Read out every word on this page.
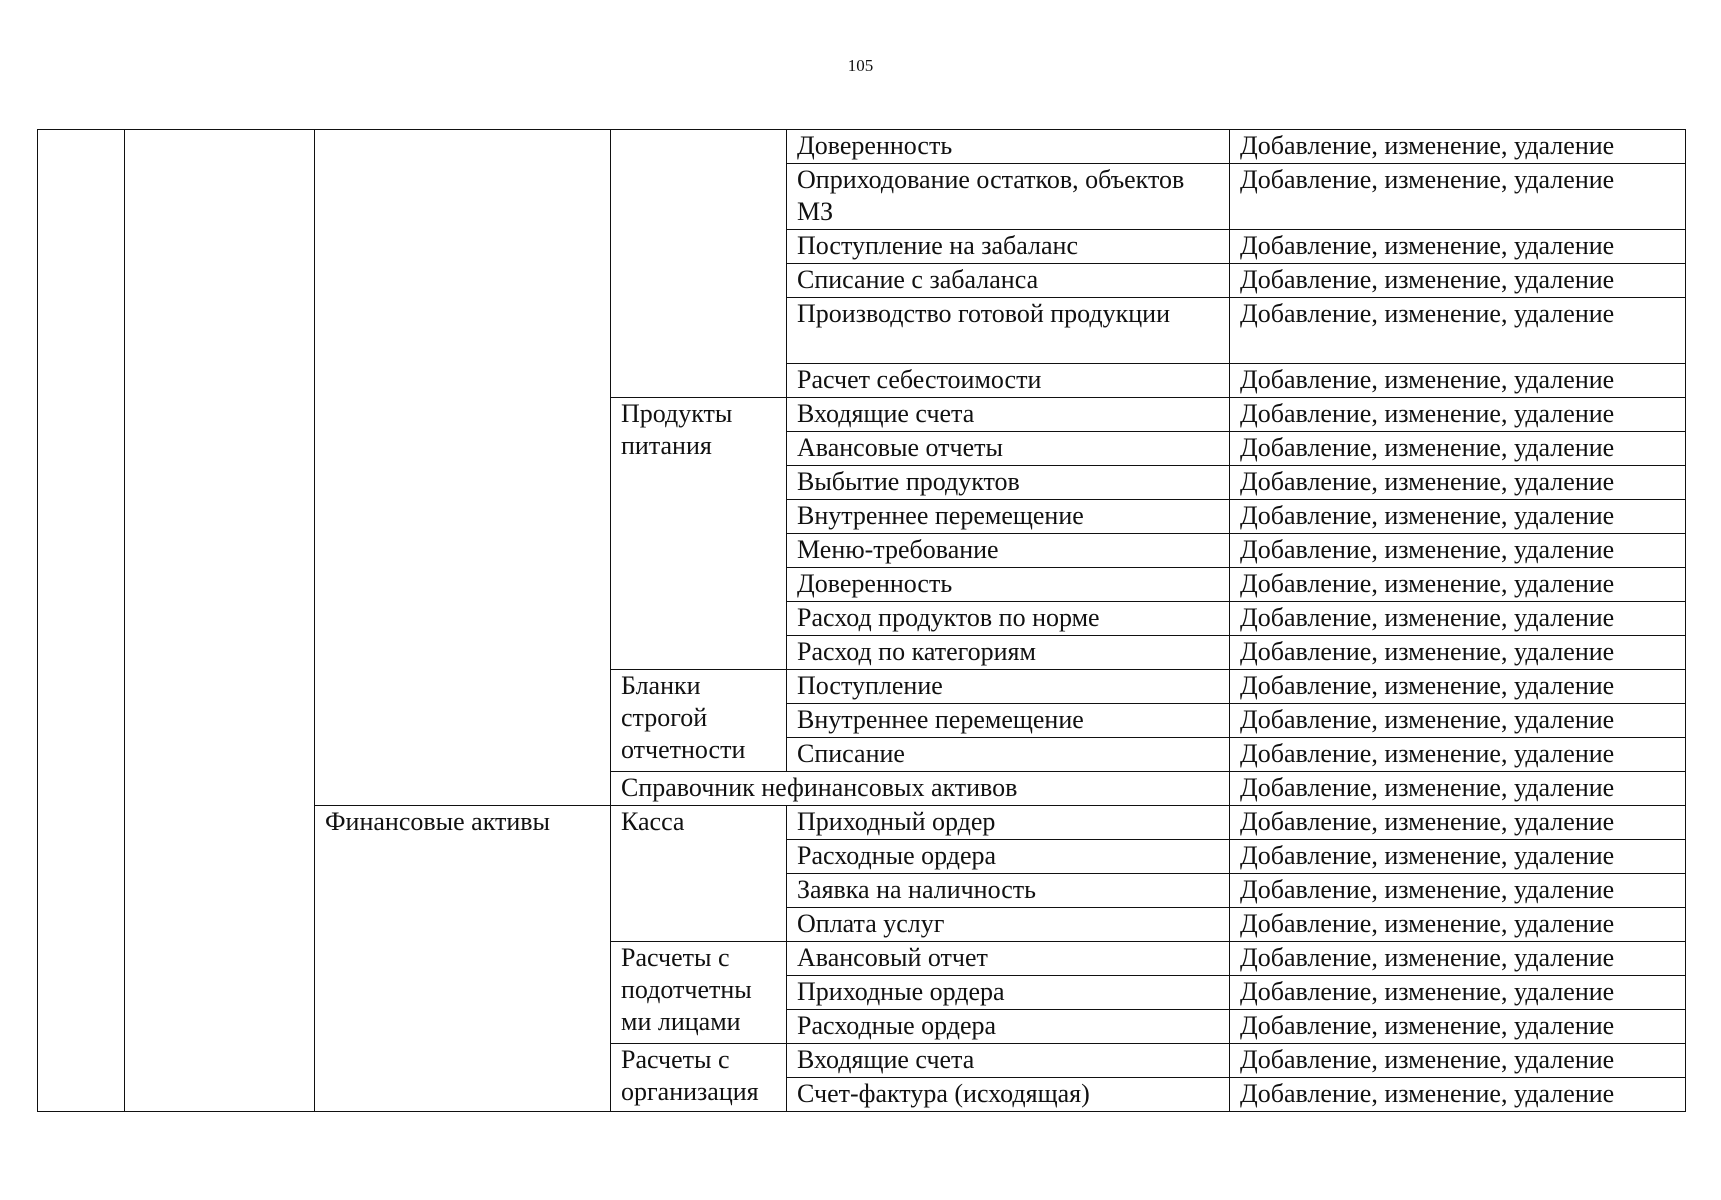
105
				Доверенность	Добавление, изменение, удаление
				Оприходование остатков, объектов МЗ	Добавление, изменение, удаление
				Поступление на забаланс	Добавление, изменение, удаление
				Списание с забаланса	Добавление, изменение, удаление
				Производство готовой продукции	Добавление, изменение, удаление
				Расчет себестоимости	Добавление, изменение, удаление
			Продукты питания	Входящие счета	Добавление, изменение, удаление
				Авансовые отчеты	Добавление, изменение, удаление
				Выбытие продуктов	Добавление, изменение, удаление
				Внутреннее перемещение	Добавление, изменение, удаление
				Меню-требование	Добавление, изменение, удаление
				Доверенность	Добавление, изменение, удаление
				Расход продуктов по норме	Добавление, изменение, удаление
				Расход по категориям	Добавление, изменение, удаление
			Бланки строгой отчетности	Поступление	Добавление, изменение, удаление
				Внутреннее перемещение	Добавление, изменение, удаление
				Списание	Добавление, изменение, удаление
			Справочник нефинансовых активов		Добавление, изменение, удаление
		Финансовые активы	Касса	Приходный ордер	Добавление, изменение, удаление
				Расходные ордера	Добавление, изменение, удаление
				Заявка на наличность	Добавление, изменение, удаление
				Оплата услуг	Добавление, изменение, удаление
			Расчеты с подотчетны ми лицами	Авансовый отчет	Добавление, изменение, удаление
				Приходные ордера	Добавление, изменение, удаление
				Расходные ордера	Добавление, изменение, удаление
			Расчеты с организация	Входящие счета	Добавление, изменение, удаление
				Счет-фактура (исходящая)	Добавление, изменение, удаление
